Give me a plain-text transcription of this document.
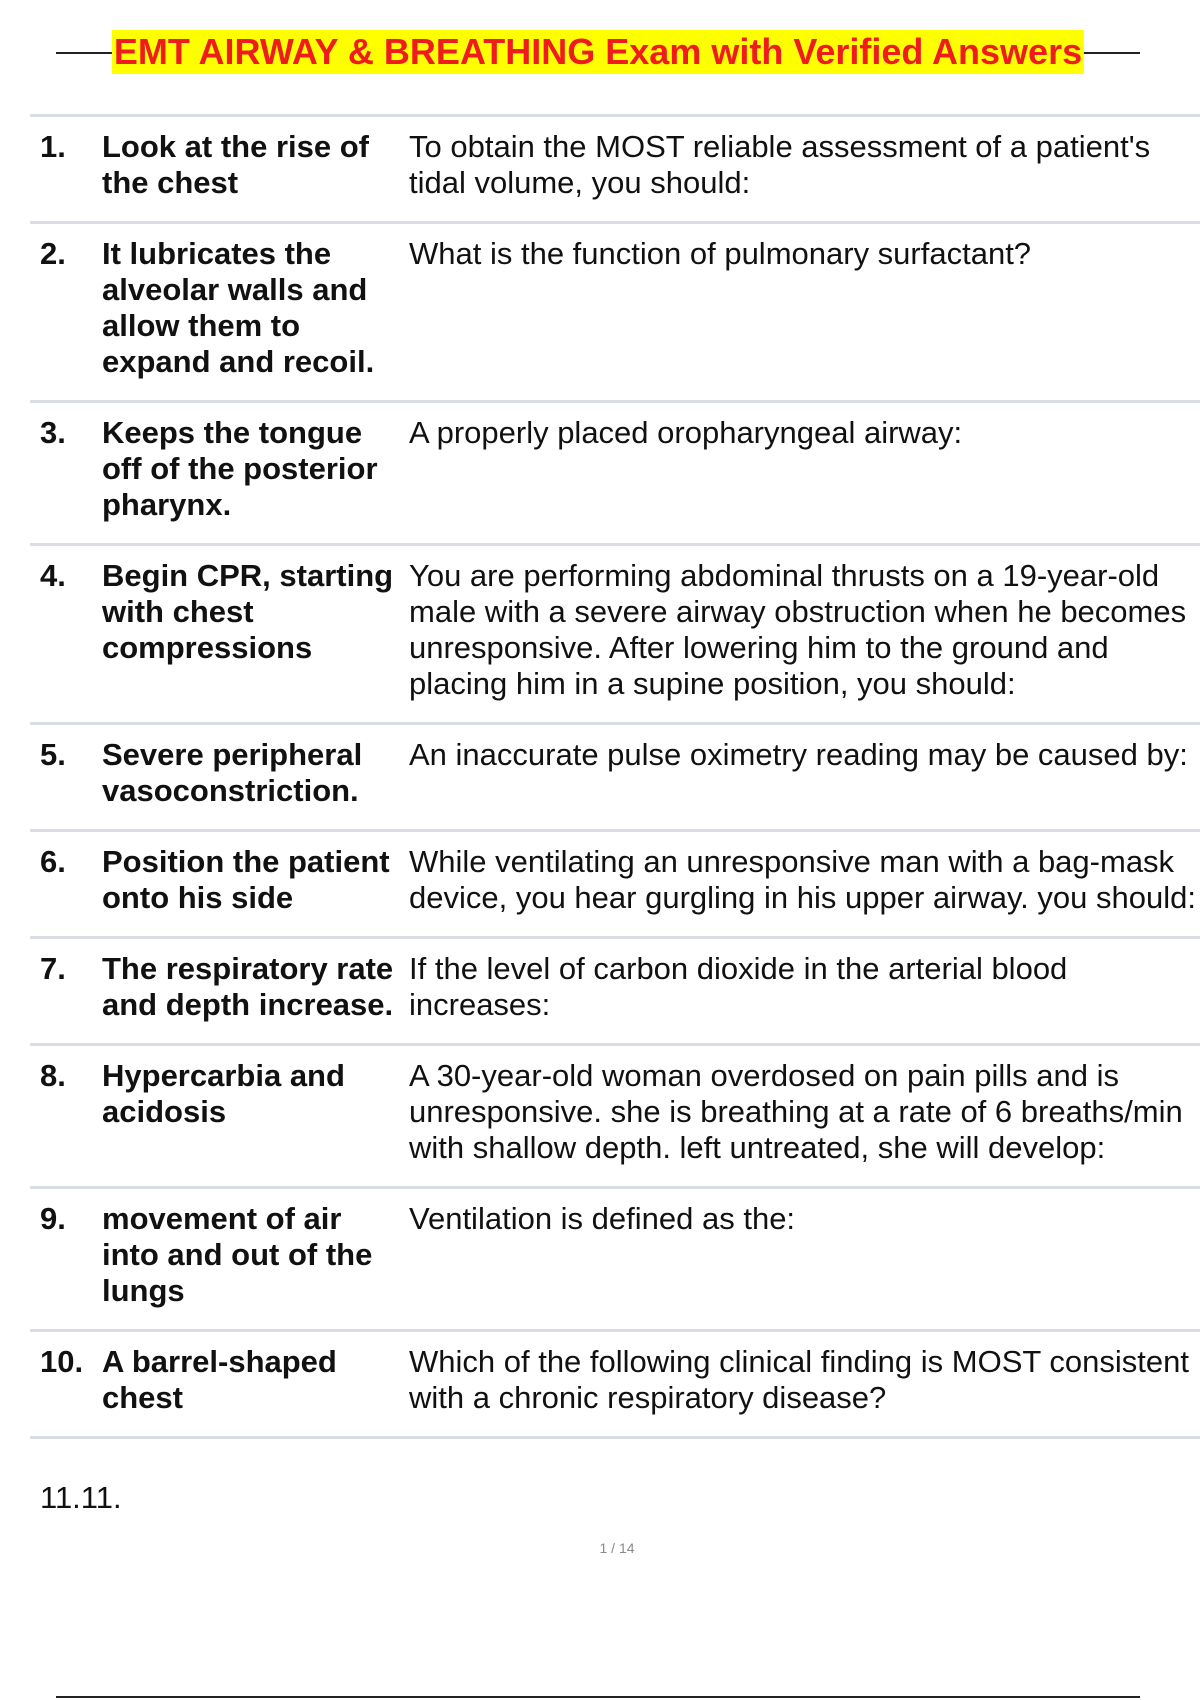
EMT AIRWAY & BREATHING Exam with Verified Answers
1.	Look at the rise of the chest	To obtain the MOST reliable assessment of a patient's tidal volume, you should:
2.	It lubricates the alveolar walls and allow them to expand and recoil.	What is the function of pulmonary surfactant?
3.	Keeps the tongue off of the posterior pharynx.	A properly placed oropharyngeal airway:
4.	Begin CPR, starting with chest compressions	You are performing abdominal thrusts on a 19-year-old male with a severe airway obstruction when he becomes unresponsive. After lowering him to the ground and placing him in a supine position, you should:
5.	Severe peripheral vasoconstriction.	An inaccurate pulse oximetry reading may be caused by:
6.	Position the patient onto his side	While ventilating an unresponsive man with a bag-mask device, you hear gurgling in his upper airway. you should:
7.	The respiratory rate and depth increase.	If the level of carbon dioxide in the arterial blood increases:
8.	Hypercarbia and acidosis	A 30-year-old woman overdosed on pain pills and is unresponsive. she is breathing at a rate of 6 breaths/min with shallow depth. left untreated, she will develop:
9.	movement of air into and out of the lungs	Ventilation is defined as the:
10.	A barrel-shaped chest	Which of the following clinical finding is MOST consistent with a chronic respiratory disease?
11.11.
1 / 14
